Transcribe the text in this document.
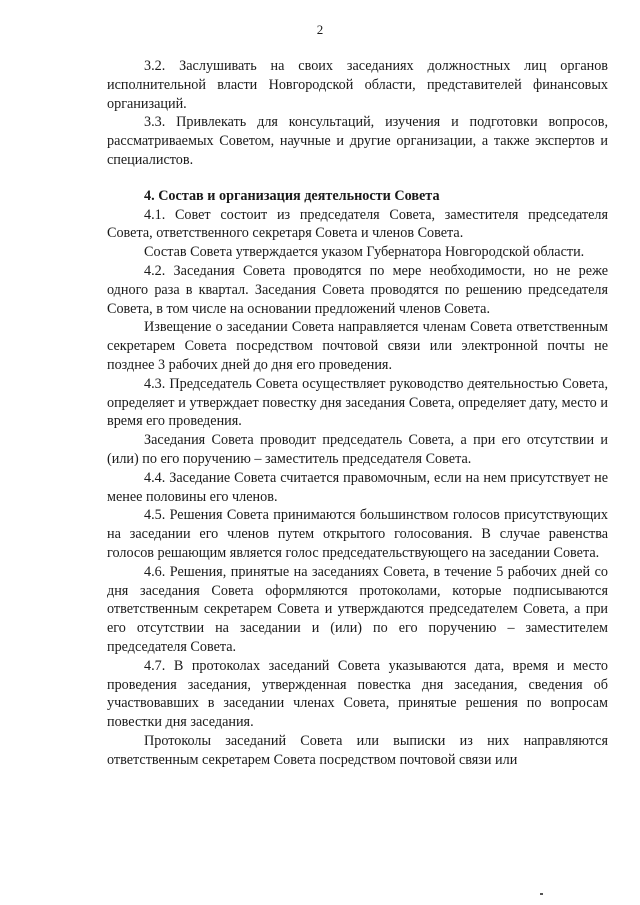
2

3.2. Заслушивать на своих заседаниях должностных лиц органов исполнительной власти Новгородской области, представителей финансовых организаций.

3.3. Привлекать для консультаций, изучения и подготовки вопросов, рассматриваемых Советом, научные и другие организации, а также экспертов и специалистов.

4. Состав и организация деятельности Совета

4.1. Совет состоит из председателя Совета, заместителя председателя Совета, ответственного секретаря Совета и членов Совета.

Состав Совета утверждается указом Губернатора Новгородской области.

4.2. Заседания Совета проводятся по мере необходимости, но не реже одного раза в квартал. Заседания Совета проводятся по решению председателя Совета, в том числе на основании предложений членов Совета.

Извещение о заседании Совета направляется членам Совета ответственным секретарем Совета посредством почтовой связи или электронной почты не позднее 3 рабочих дней до дня его проведения.

4.3. Председатель Совета осуществляет руководство деятельностью Совета, определяет и утверждает повестку дня заседания Совета, определяет дату, место и время его проведения.

Заседания Совета проводит председатель Совета, а при его отсутствии и (или) по его поручению – заместитель председателя Совета.

4.4. Заседание Совета считается правомочным, если на нем присутствует не менее половины его членов.

4.5. Решения Совета принимаются большинством голосов присутствующих на заседании его членов путем открытого голосования. В случае равенства голосов решающим является голос председательствующего на заседании Совета.

4.6. Решения, принятые на заседаниях Совета, в течение 5 рабочих дней со дня заседания Совета оформляются протоколами, которые подписываются ответственным секретарем Совета и утверждаются председателем Совета, а при его отсутствии на заседании и (или) по его поручению – заместителем председателя Совета.

4.7. В протоколах заседаний Совета указываются дата, время и место проведения заседания, утвержденная повестка дня заседания, сведения об участвовавших в заседании членах Совета, принятые решения по вопросам повестки дня заседания.

Протоколы заседаний Совета или выписки из них направляются ответственным секретарем Совета посредством почтовой связи или
